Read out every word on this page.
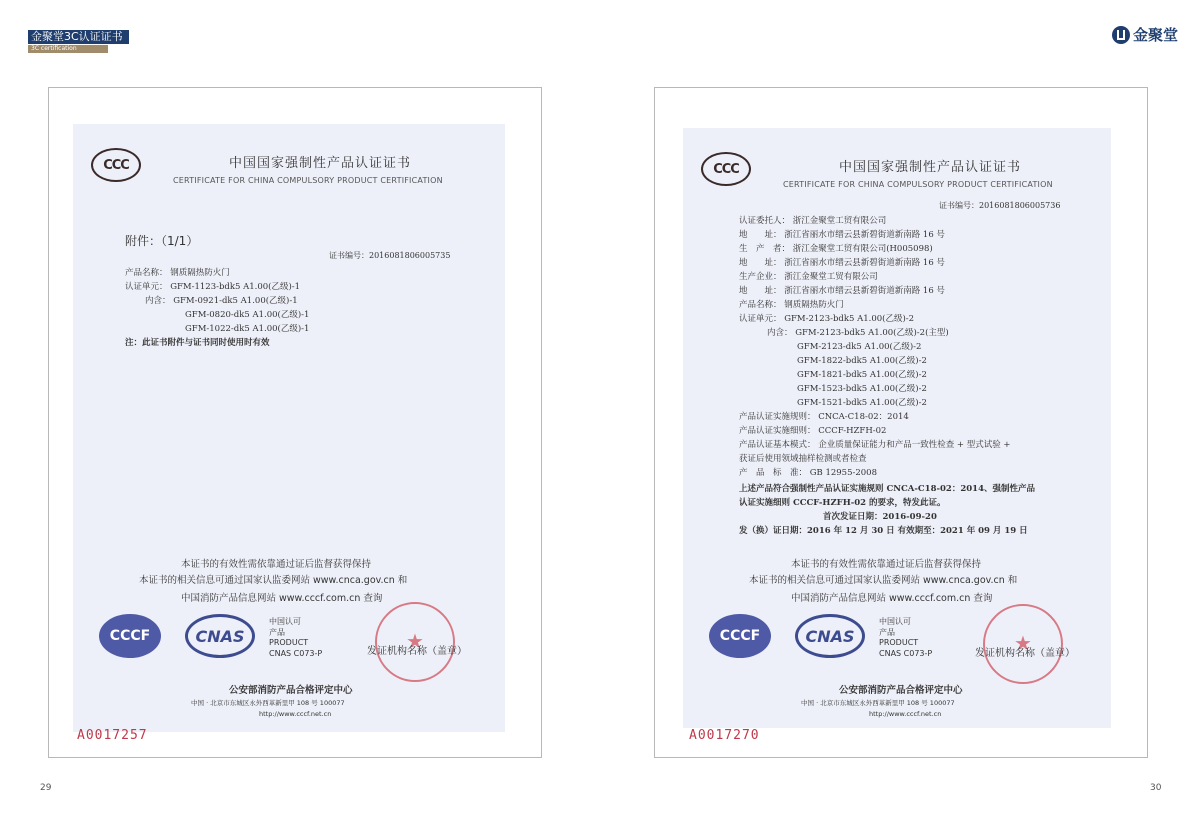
金聚堂3C认证证书
3C certification
金聚堂
CCC	中国国家强制性产品认证证书
CERTIFICATE FOR CHINA COMPULSORY PRODUCT CERTIFICATION
附件：（1/1）
证书编号：2016081806005735
产品名称： 钢质隔热防火门
认证单元： GFM-1123-bdk5 A1.00(乙级)-1
内含： GFM-0921-dk5 A1.00(乙级)-1
GFM-0820-dk5 A1.00(乙级)-1
GFM-1022-dk5 A1.00(乙级)-1
注：此证书附件与证书同时使用时有效
本证书的有效性需依靠通过证后监督获得保持
本证书的相关信息可通过国家认监委网站 www.cnca.gov.cn 和
中国消防产品信息网站 www.cccf.com.cn 查询
CCCF	CNAS
中国认可
产品
PRODUCT
CNAS C073-P
★
发证机构名称（盖章）
公安部消防产品合格评定中心
中国 · 北京市东城区永外西革新里甲 108 号 100077
http://www.cccf.net.cn
A0017257
CCC	中国国家强制性产品认证证书
CERTIFICATE FOR CHINA COMPULSORY PRODUCT CERTIFICATION
证书编号：2016081806005736
认证委托人： 浙江金聚堂工贸有限公司
地　　址： 浙江省丽水市缙云县新碧街道新南路 16 号
生　产　者： 浙江金聚堂工贸有限公司(H005098)
地　　址： 浙江省丽水市缙云县新碧街道新南路 16 号
生产企业： 浙江金聚堂工贸有限公司
地　　址： 浙江省丽水市缙云县新碧街道新南路 16 号
产品名称： 钢质隔热防火门
认证单元： GFM-2123-bdk5 A1.00(乙级)-2
内含： GFM-2123-bdk5 A1.00(乙级)-2(主型)
GFM-2123-dk5 A1.00(乙级)-2
GFM-1822-bdk5 A1.00(乙级)-2
GFM-1821-bdk5 A1.00(乙级)-2
GFM-1523-bdk5 A1.00(乙级)-2
GFM-1521-bdk5 A1.00(乙级)-2
产品认证实施规则： CNCA-C18-02：2014
产品认证实施细则： CCCF-HZFH-02
产品认证基本模式： 企业质量保证能力和产品一致性检查 + 型式试验 +
获证后使用领域抽样检测或者检查
产　品　标　准： GB 12955-2008
上述产品符合强制性产品认证实施规则 CNCA-C18-02：2014、强制性产品
认证实施细则 CCCF-HZFH-02 的要求，特发此证。
首次发证日期：2016-09-20
发（换）证日期：2016 年 12 月 30 日 有效期至：2021 年 09 月 19 日
本证书的有效性需依靠通过证后监督获得保持
本证书的相关信息可通过国家认监委网站 www.cnca.gov.cn 和
中国消防产品信息网站 www.cccf.com.cn 查询
CCCF	CNAS
中国认可
产品
PRODUCT
CNAS C073-P	★
发证机构名称（盖章）
公安部消防产品合格评定中心
中国 · 北京市东城区永外西革新里甲 108 号 100077
http://www.cccf.net.cn
A0017270
29	30
